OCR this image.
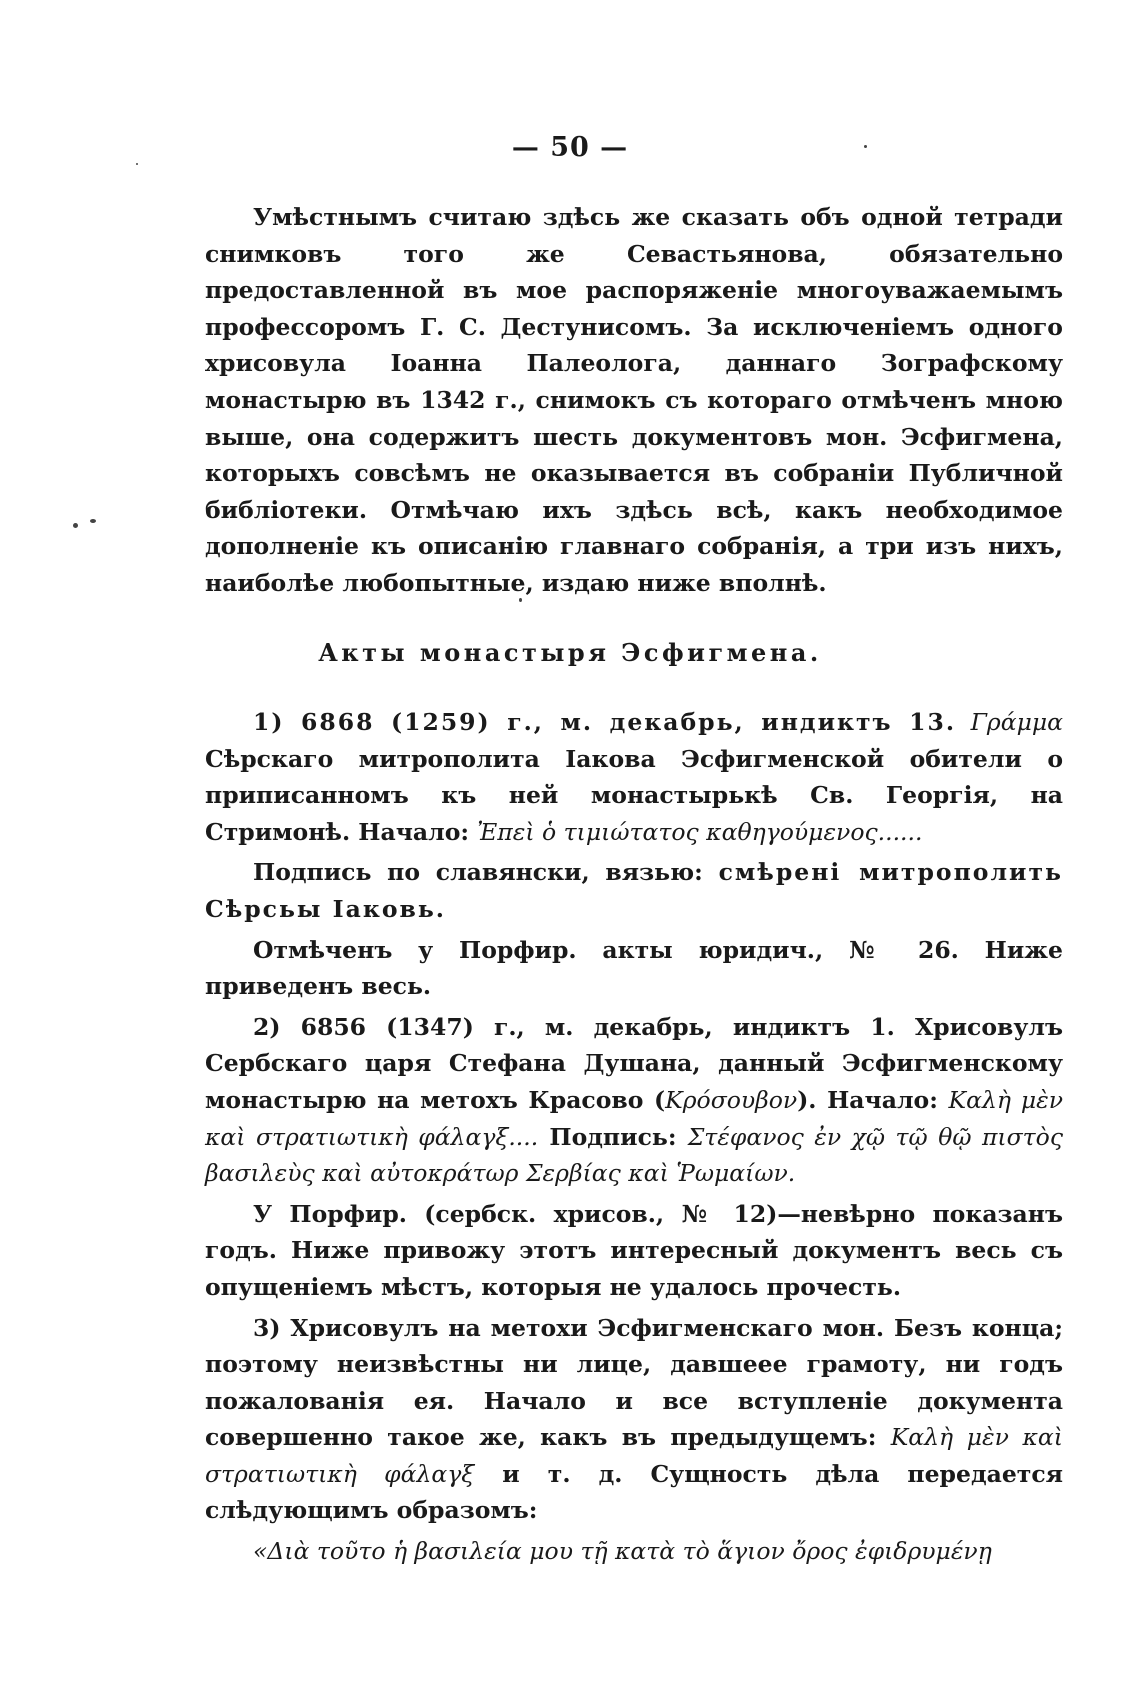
— 50 —

Умѣстнымъ считаю здѣсь же сказать объ одной тетради снимковъ того же Севастьянова, обязательно предоставленной въ мое распоряженіе многоуважаемымъ профессоромъ Г. С. Дестунисомъ. За исключеніемъ одного хрисовула Іоанна Палеолога, даннаго Зографскому монастырю въ 1342 г., снимокъ съ котораго отмѣченъ мною выше, она содержитъ шесть документовъ мон. Эсфигмена, которыхъ совсѣмъ не оказывается въ собраніи Публичной библіотеки. Отмѣчаю ихъ здѣсь всѣ, какъ необходимое дополненіе къ описанію главнаго собранія, а три изъ нихъ, наиболѣе любопытные, издаю ниже вполнѣ.

Акты монастыря Эсфигмена.

1) 6868 (1259) г., м. декабрь, индиктъ 13. Γράμμα Сѣрскаго митрополита Іакова Эсфигменской обители о приписанномъ къ ней монастырькѣ Св. Георгія, на Стримонѣ. Начало: Ἐπεὶ ὁ τιμιώτατος καθηγούμενος......

Подпись по славянски, вязью: смѣрені митрополить Сѣрсьы Іаковь.

Отмѣченъ у Порфир. акты юридич., № 26. Ниже приведенъ весь.

2) 6856 (1347) г., м. декабрь, индиктъ 1. Хрисовулъ Сербскаго царя Стефана Душана, данный Эсфигменскому монастырю на метохъ Красово (Κρόσουβον). Начало: Καλὴ μὲν καὶ στρατιωτικὴ φάλαγξ.... Подпись: Στέφανος ἐν χῷ τῷ θῷ πιστὸς βασιλεὺς καὶ αὐτοκράτωρ Σερβίας καὶ Ῥωμαίων.

У Порфир. (сербск. хрисов., № 12)—невѣрно показанъ годъ. Ниже привожу этотъ интересный документъ весь съ опущеніемъ мѣстъ, которыя не удалось прочесть.

3) Хрисовулъ на метохи Эсфигменскаго мон. Безъ конца; поэтому неизвѣстны ни лице, давшеее грамоту, ни годъ пожалованія ея. Начало и все вступленіе документа совершенно такое же, какъ въ предыдущемъ: Καλὴ μὲν καὶ στρατιωτικὴ φάλαγξ и т. д. Сущность дѣла передается слѣдующимъ образомъ:

«Διὰ τοῦτο ἡ βασιλεία μου τῇ κατὰ τὸ ἅγιον ὄρος ἐφιδρυμένῃ
